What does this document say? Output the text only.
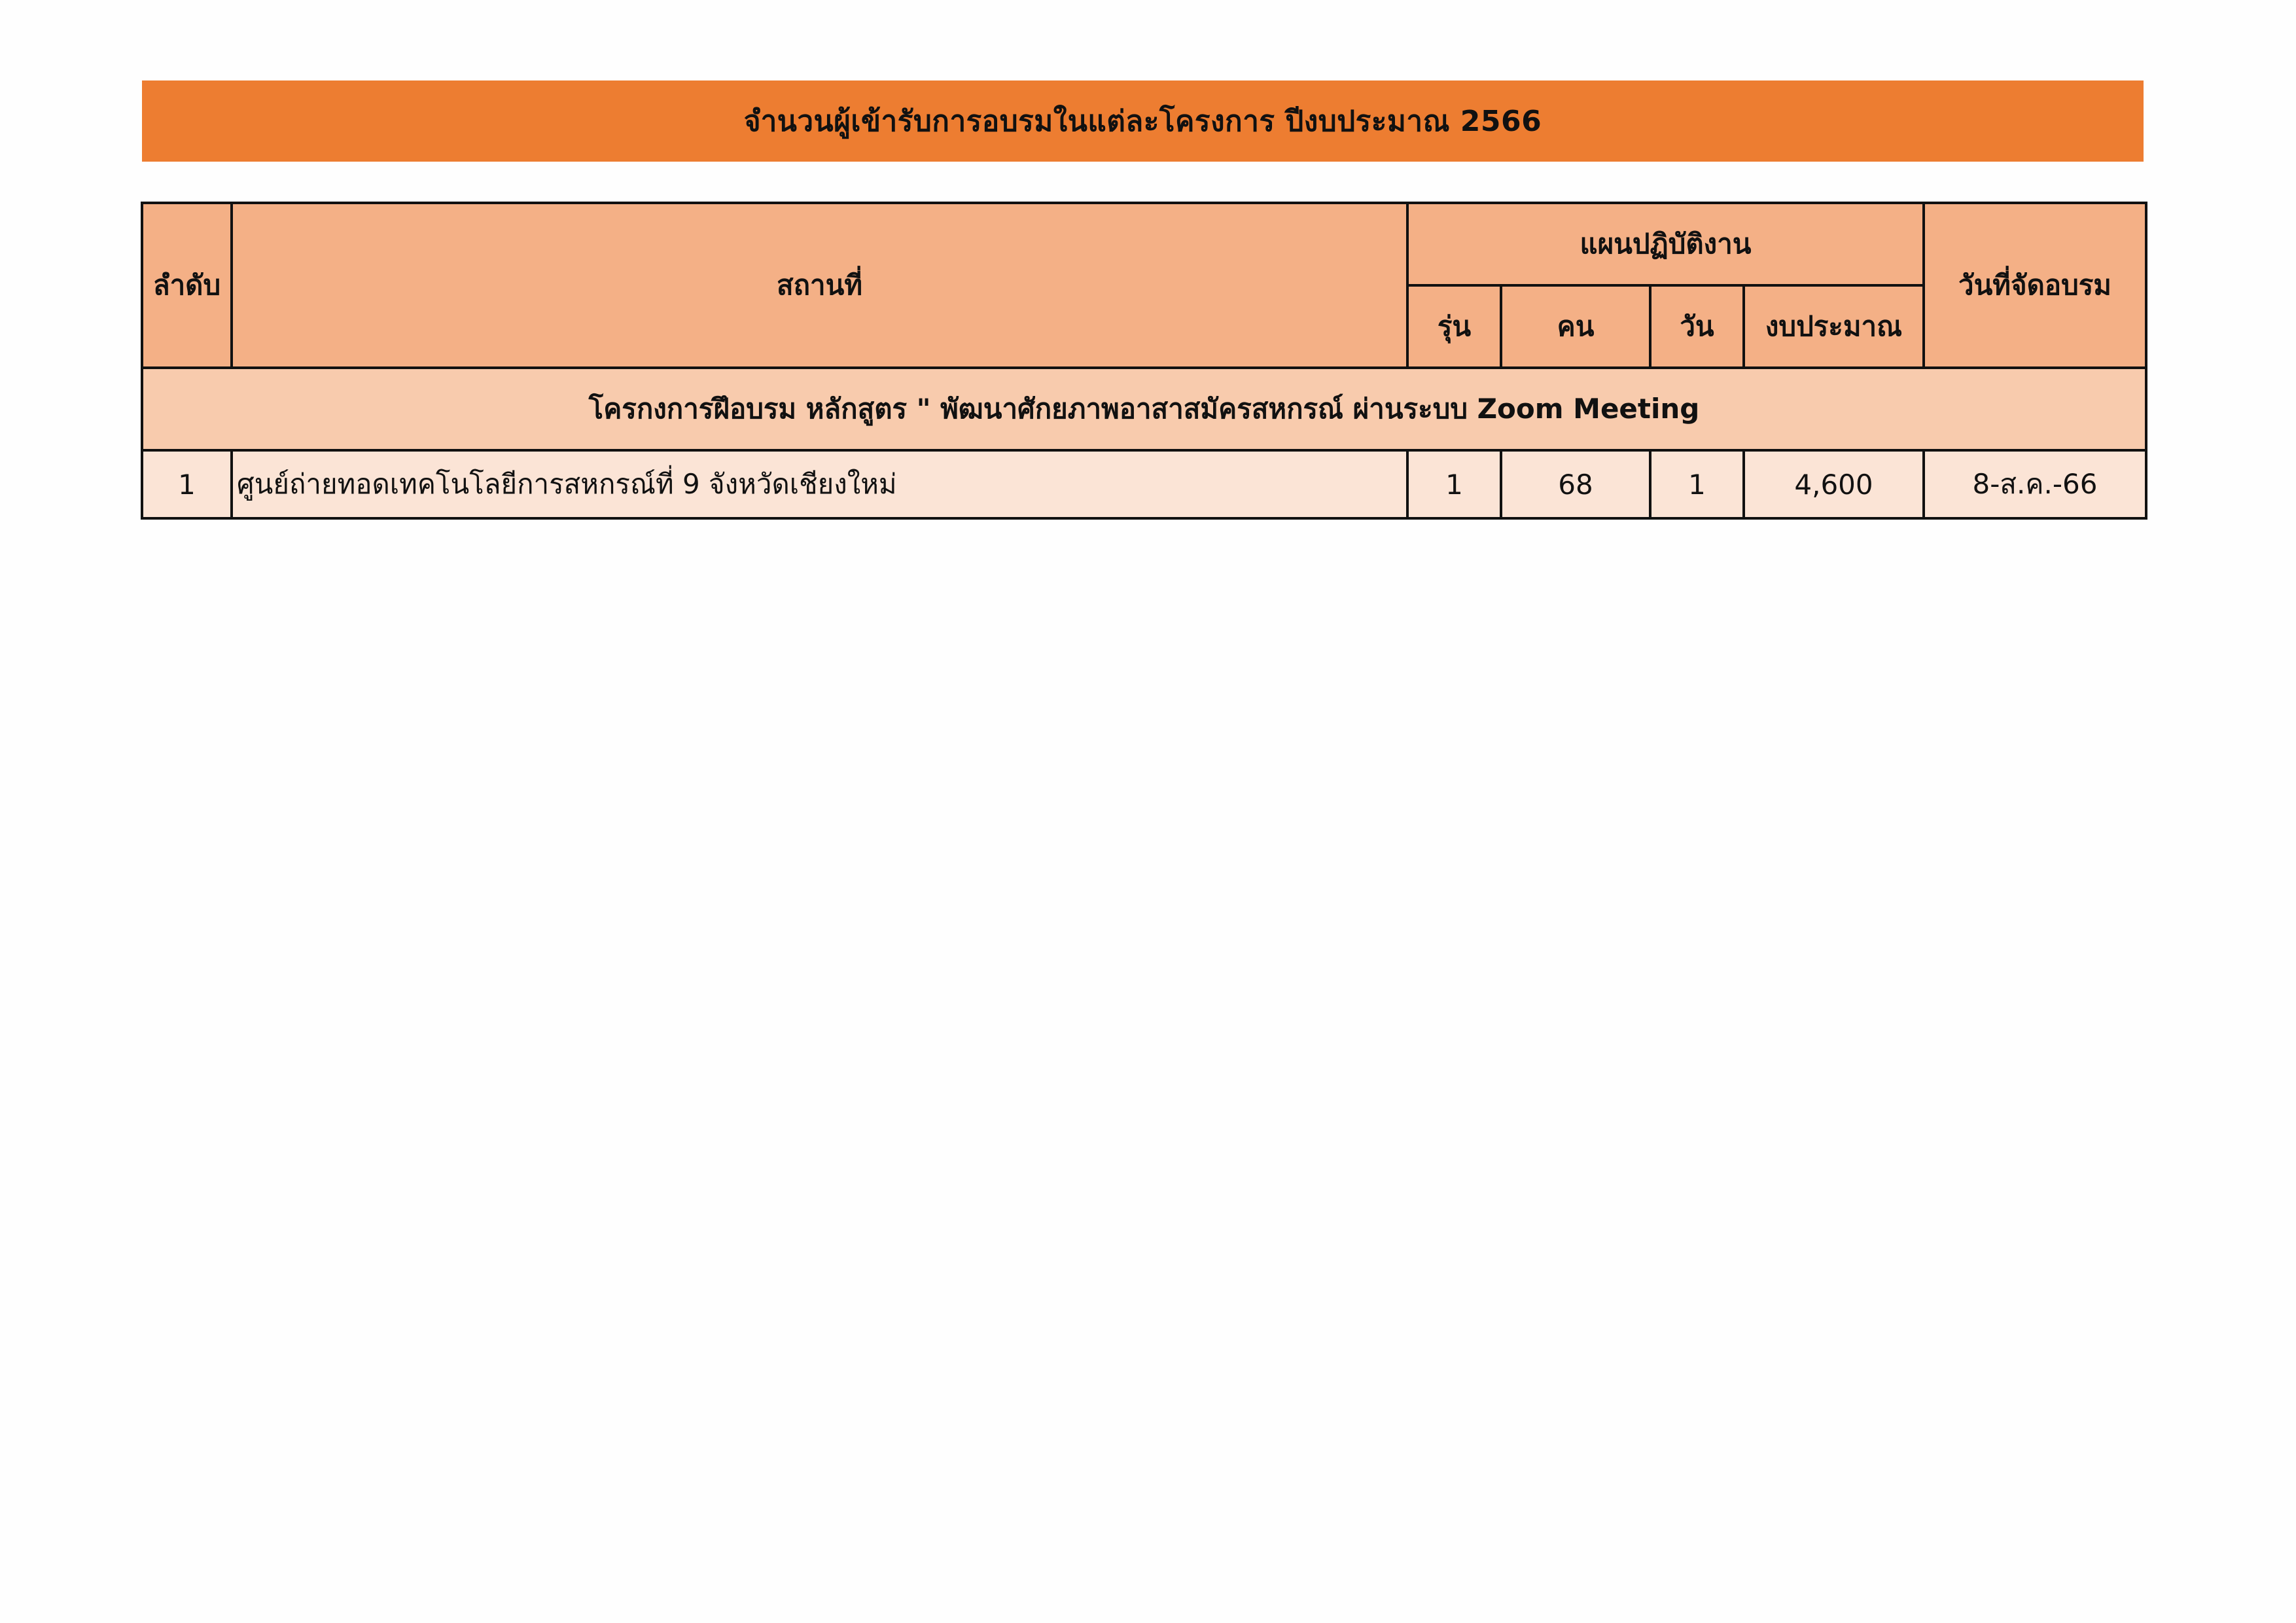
จำนวนผู้เข้ารับการอบรมในแต่ละโครงการ ปีงบประมาณ 2566
ลำดับ	สถานที่	แผนปฏิบัติงาน				วันที่จัดอบรม
		รุ่น	คน	วัน	งบประมาณ	
โครกงการฝึอบรม หลักสูตร " พัฒนาศักยภาพอาสาสมัครสหกรณ์ ผ่านระบบ Zoom Meeting						
1	ศูนย์ถ่ายทอดเทคโนโลยีการสหกรณ์ที่ 9 จังหวัดเชียงใหม่	1	68	1	4,600	8-ส.ค.-66
